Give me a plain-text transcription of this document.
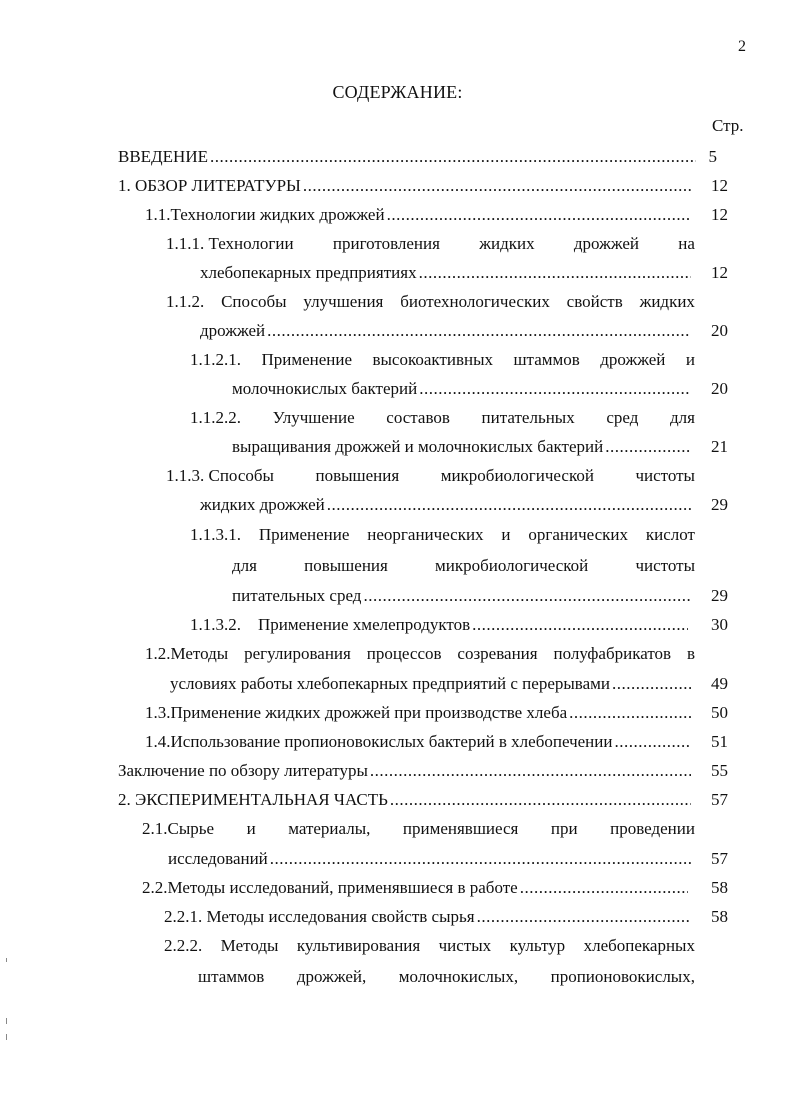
2
СОДЕРЖАНИЕ:
Стр.
ВВЕДЕНИЕ .....	5
1. ОБЗОР ЛИТЕРАТУРЫ .....	12
1.1.Технологии жидких дрожжей .....	12
1.1.1. Технологии приготовления жидких дрожжей на
хлебопекарных предприятиях .....	12
1.1.2. Способы улучшения биотехнологических свойств жидких
дрожжей .....	20
1.1.2.1. Применение высокоактивных штаммов дрожжей и
молочнокислых бактерий .....	20
1.1.2.2. Улучшение составов питательных сред для
выращивания дрожжей и молочнокислых бактерий .....	21
1.1.3. Способы повышения микробиологической чистоты
жидких дрожжей .....	29
1.1.3.1. Применение неорганических и органических кислот
для	повышения	микробиологической	чистоты
питательных сред .....	29
1.1.3.2.    Применение хмелепродуктов .....	30
1.2.Методы регулирования процессов созревания полуфабрикатов в
условиях работы хлебопекарных предприятий с перерывами .....	49
1.3.Применение жидких дрожжей при производстве хлеба .....	50
1.4.Использование пропионовокислых бактерий в хлебопечении .....	51
Заключение по обзору литературы .....	55
2. ЭКСПЕРИМЕНТАЛЬНАЯ ЧАСТЬ .....	57
2.1.Сырье и материалы, применявшиеся при проведении
исследований .....	57
2.2.Методы исследований, применявшиеся в работе .....	58
2.2.1. Методы исследования свойств сырья .....	58
2.2.2. Методы культивирования чистых культур хлебопекарных
штаммов дрожжей, молочнокислых, пропионовокислых,
